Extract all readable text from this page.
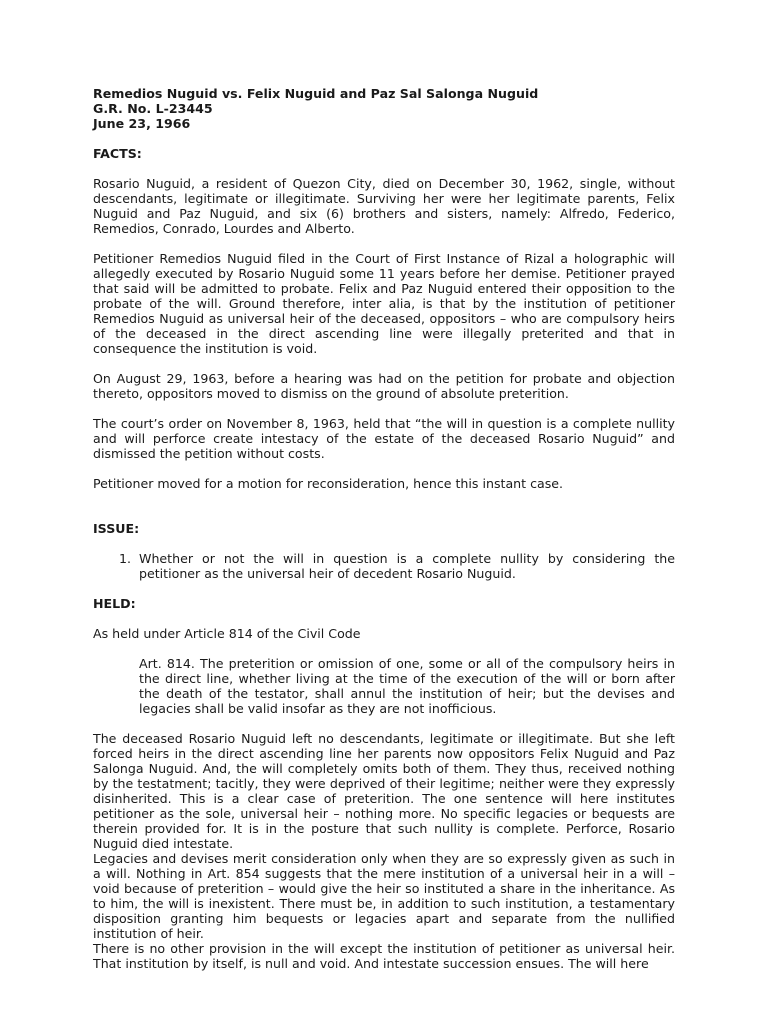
Remedios Nuguid vs. Felix Nuguid and Paz Sal Salonga Nuguid

G.R. No. L-23445

June 23, 1966

FACTS:

Rosario Nuguid, a resident of Quezon City, died on December 30, 1962, single, without descendants, legitimate or illegitimate. Surviving her were her legitimate parents, Felix Nuguid and Paz Nuguid, and six (6) brothers and sisters, namely: Alfredo, Federico, Remedios, Conrado, Lourdes and Alberto.

Petitioner Remedios Nuguid filed in the Court of First Instance of Rizal a holographic will allegedly executed by Rosario Nuguid some 11 years before her demise. Petitioner prayed that said will be admitted to probate. Felix and Paz Nuguid entered their opposition to the probate of the will. Ground therefore, inter alia, is that by the institution of petitioner Remedios Nuguid as universal heir of the deceased, oppositors – who are compulsory heirs of the deceased in the direct ascending line were illegally preterited and that in consequence the institution is void.

On August 29, 1963, before a hearing was had on the petition for probate and objection thereto, oppositors moved to dismiss on the ground of absolute preterition.

The court’s order on November 8, 1963, held that “the will in question is a complete nullity and will perforce create intestacy of the estate of the deceased Rosario Nuguid” and dismissed the petition without costs.

Petitioner moved for a motion for reconsideration, hence this instant case.

ISSUE:

1. Whether or not the will in question is a complete nullity by considering the petitioner as the universal heir of decedent Rosario Nuguid.

HELD:

As held under Article 814 of the Civil Code

Art. 814. The preterition or omission of one, some or all of the compulsory heirs in the direct line, whether living at the time of the execution of the will or born after the death of the testator, shall annul the institution of heir; but the devises and legacies shall be valid insofar as they are not inofficious.

The deceased Rosario Nuguid left no descendants, legitimate or illegitimate. But she left forced heirs in the direct ascending line her parents now oppositors Felix Nuguid and Paz Salonga Nuguid. And, the will completely omits both of them. They thus, received nothing by the testatment; tacitly, they were deprived of their legitime; neither were they expressly disinherited. This is a clear case of preterition. The one sentence will here institutes petitioner as the sole, universal heir – nothing more. No specific legacies or bequests are therein provided for. It is in the posture that such nullity is complete. Perforce, Rosario Nuguid died intestate.

Legacies and devises merit consideration only when they are so expressly given as such in a will. Nothing in Art. 854 suggests that the mere institution of a universal heir in a will – void because of preterition – would give the heir so instituted a share in the inheritance. As to him, the will is inexistent. There must be, in addition to such institution, a testamentary disposition granting him bequests or legacies apart and separate from the nullified institution of heir.

There is no other provision in the will except the institution of petitioner as universal heir. That institution by itself, is null and void. And intestate succession ensues. The will here
